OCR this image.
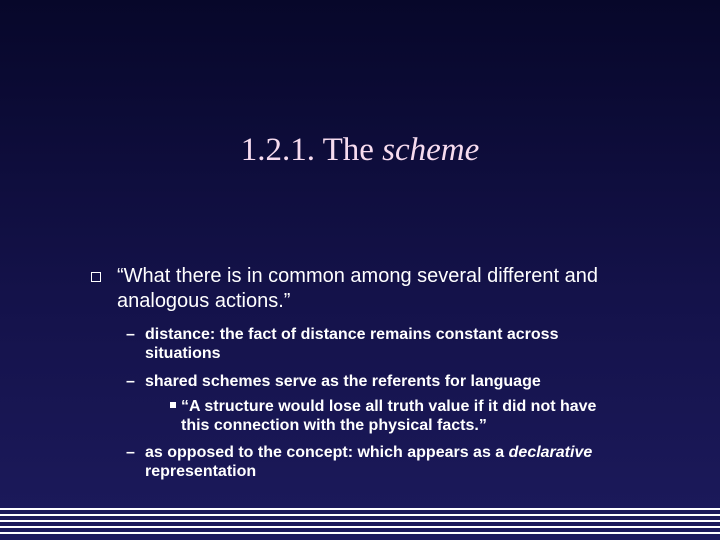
1.2.1. The scheme
“What there is in common among several different and analogous actions.”
– distance: the fact of distance remains constant across situations
– shared schemes serve as the referents for language
“A structure would lose all truth value if it did not have this connection with the physical facts.”
– as opposed to the concept: which appears as a declarative representation
